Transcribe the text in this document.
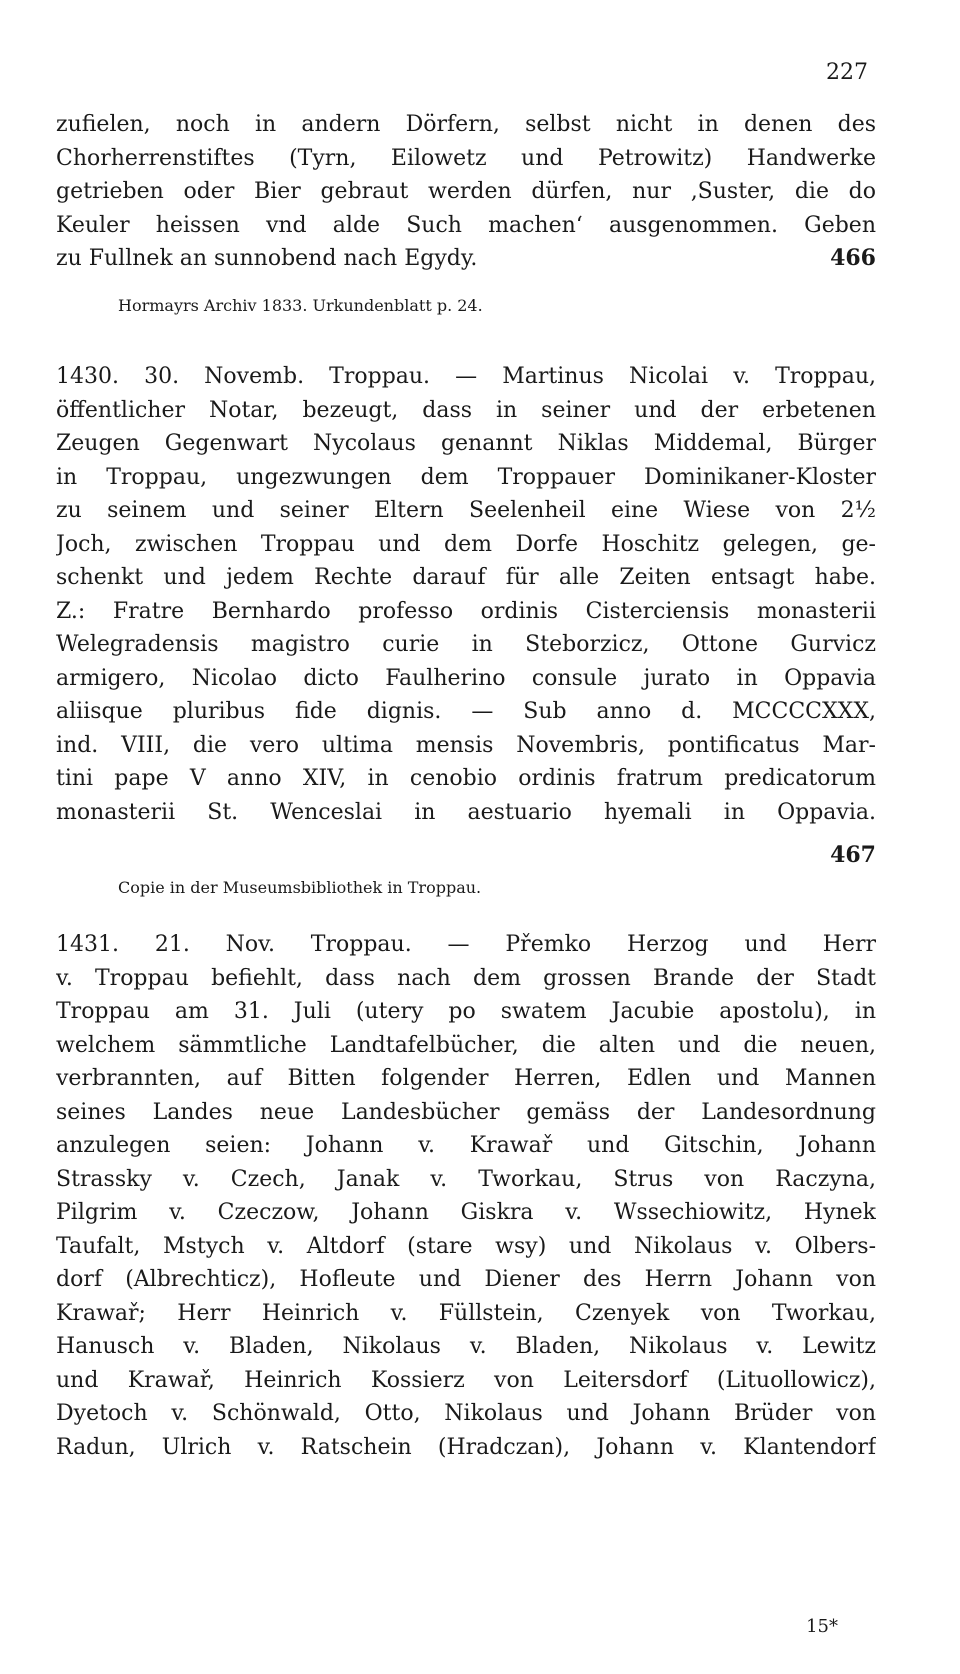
227
zufielen, noch in andern Dörfern, selbst nicht in denen des
Chorherrenstiftes (Tyrn, Eilowetz und Petrowitz) Handwerke
getrieben oder Bier gebraut werden dürfen, nur ‚Suster, die do
Keuler heissen vnd alde Such machen‘ ausgenommen. Geben
zu Fullnek an sunnobend nach Egydy.	466
Hormayrs Archiv 1833. Urkundenblatt p. 24.
1430. 30. Novemb. Troppau. — Martinus Nicolai v. Troppau,
öffentlicher Notar, bezeugt, dass in seiner und der erbetenen
Zeugen Gegenwart Nycolaus genannt Niklas Middemal, Bürger
in Troppau, ungezwungen dem Troppauer Dominikaner-Kloster
zu seinem und seiner Eltern Seelenheil eine Wiese von 2½
Joch, zwischen Troppau und dem Dorfe Hoschitz gelegen, ge-
schenkt und jedem Rechte darauf für alle Zeiten entsagt habe.
Z.: Fratre Bernhardo professo ordinis Cisterciensis monasterii
Welegradensis magistro curie in Steborzicz, Ottone Gurvicz
armigero, Nicolao dicto Faulherino consule jurato in Oppavia
aliisque pluribus fide dignis. — Sub anno d. MCCCCXXX,
ind. VIII, die vero ultima mensis Novembris, pontificatus Mar-
tini pape V anno XIV, in cenobio ordinis fratrum predicatorum
monasterii St. Wenceslai in aestuario hyemali in Oppavia.
467
Copie in der Museumsbibliothek in Troppau.
1431. 21. Nov. Troppau. — Přemko Herzog und Herr
v. Troppau befiehlt, dass nach dem grossen Brande der Stadt
Troppau am 31. Juli (utery po swatem Jacubie apostolu), in
welchem sämmtliche Landtafelbücher, die alten und die neuen,
verbrannten, auf Bitten folgender Herren, Edlen und Mannen
seines Landes neue Landesbücher gemäss der Landesordnung
anzulegen seien: Johann v. Krawař und Gitschin, Johann
Strassky v. Czech, Janak v. Tworkau, Strus von Raczyna,
Pilgrim v. Czeczow, Johann Giskra v. Wssechiowitz, Hynek
Taufalt, Mstych v. Altdorf (stare wsy) und Nikolaus v. Olbers-
dorf (Albrechticz), Hofleute und Diener des Herrn Johann von
Krawař; Herr Heinrich v. Füllstein, Czenyek von Tworkau,
Hanusch v. Bladen, Nikolaus v. Bladen, Nikolaus v. Lewitz
und Krawař, Heinrich Kossierz von Leitersdorf (Lituollowicz),
Dyetoch v. Schönwald, Otto, Nikolaus und Johann Brüder von
Radun, Ulrich v. Ratschein (Hradczan), Johann v. Klantendorf
15*
